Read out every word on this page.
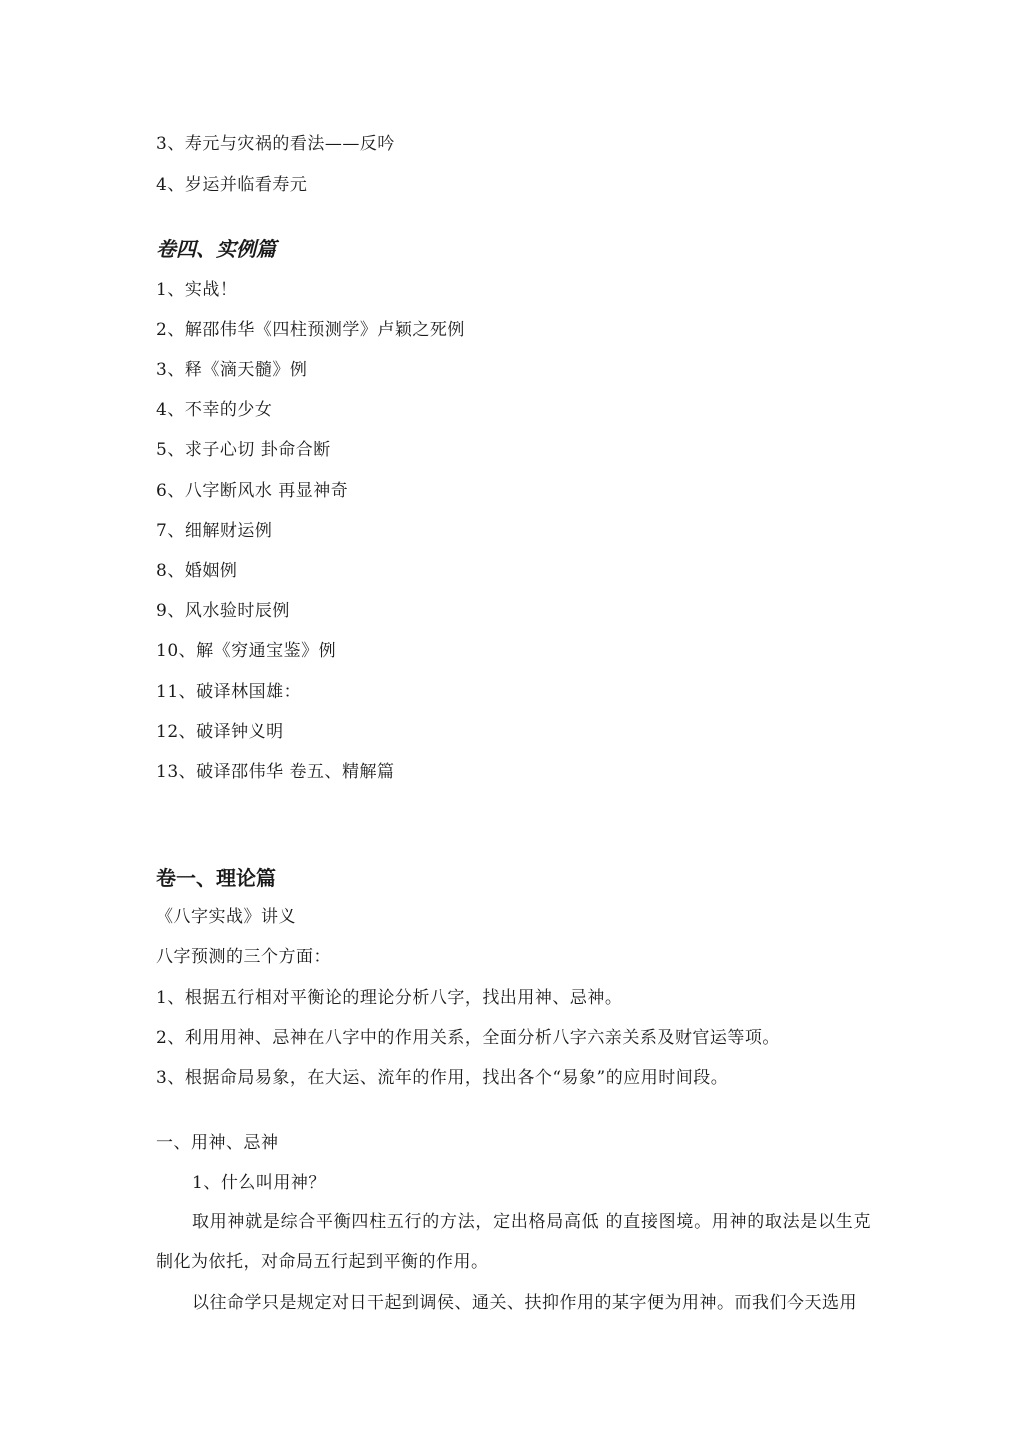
3、寿元与灾祸的看法——反吟
4、岁运并临看寿元
卷四、实例篇
1、实战！
2、解邵伟华《四柱预测学》卢颖之死例
3、释《滴天髓》例
4、不幸的少女
5、求子心切 卦命合断
6、八字断风水 再显神奇
7、细解财运例
8、婚姻例
9、风水验时辰例
10、解《穷通宝鉴》例
11、破译林国雄：
12、破译钟义明
13、破译邵伟华 卷五、精解篇
卷一、理论篇
《八字实战》讲义
八字预测的三个方面：
1、根据五行相对平衡论的理论分析八字，找出用神、忌神。
2、利用用神、忌神在八字中的作用关系，全面分析八字六亲关系及财官运等项。
3、根据命局易象，在大运、流年的作用，找出各个“易象”的应用时间段。
一、用神、忌神
1、什么叫用神？
取用神就是综合平衡四柱五行的方法，定出格局高低 的直接图境。用神的取法是以生克制化为依托，对命局五行起到平衡的作用。
以往命学只是规定对日干起到调侯、通关、扶抑作用的某字便为用神。而我们今天选用
